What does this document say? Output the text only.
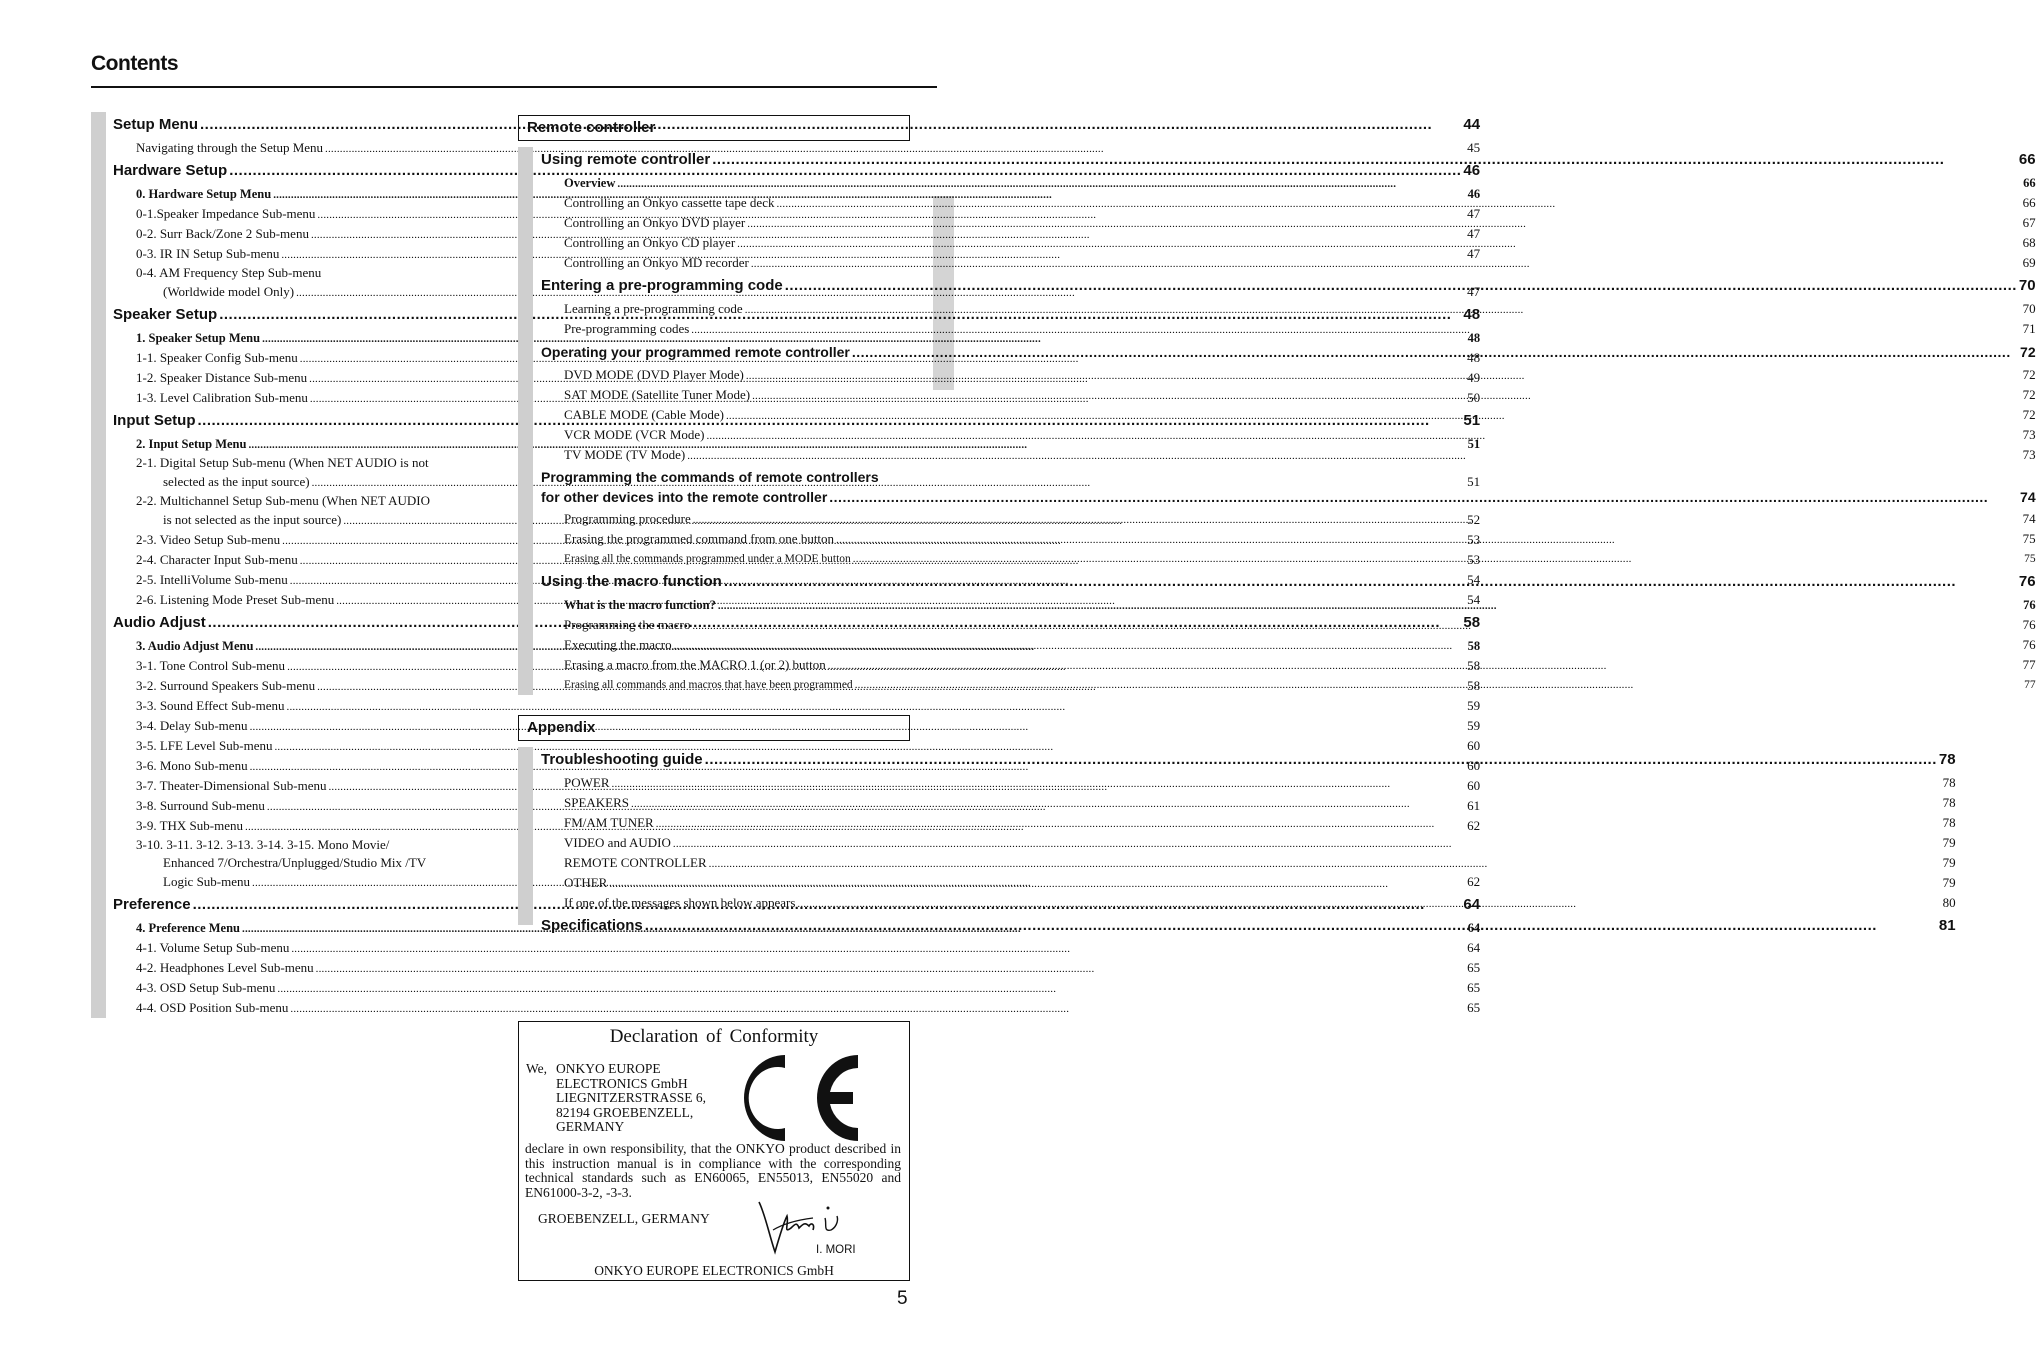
Contents
Setup Menu .....	44
Navigating through the Setup Menu .....	45
Hardware Setup .....	46
0. Hardware Setup Menu .....	46
0-1.Speaker Impedance Sub-menu .....	47
0-2. Surr Back/Zone 2 Sub-menu .....	47
0-3. IR IN Setup Sub-menu .....	47
0-4. AM Frequency Step Sub-menu
(Worldwide model Only) .....	47
Speaker Setup .....	48
1. Speaker Setup Menu .....	48
1-1. Speaker Config Sub-menu .....	48
1-2. Speaker Distance Sub-menu .....	49
1-3. Level Calibration Sub-menu .....	50
Input Setup .....	51
2. Input Setup Menu .....	51
2-1. Digital Setup Sub-menu (When NET AUDIO is not
selected as the input source) .....	51
2-2. Multichannel Setup Sub-menu (When NET AUDIO
is not selected as the input source) .....	52
2-3. Video Setup Sub-menu .....	53
2-4. Character Input Sub-menu .....	53
2-5. IntelliVolume Sub-menu .....	54
2-6. Listening Mode Preset Sub-menu .....	54
Audio Adjust .....	58
3. Audio Adjust Menu .....	58
3-1. Tone Control Sub-menu .....	58
3-2. Surround Speakers Sub-menu .....	58
3-3. Sound Effect Sub-menu .....	59
3-4. Delay Sub-menu .....	59
3-5. LFE Level Sub-menu .....	60
3-6. Mono Sub-menu .....	60
3-7. Theater-Dimensional Sub-menu .....	60
3-8. Surround Sub-menu .....	61
3-9. THX Sub-menu .....	62
3-10. 3-11. 3-12. 3-13. 3-14. 3-15. Mono Movie/
Enhanced 7/Orchestra/Unplugged/Studio Mix /TV
Logic Sub-menu .....	62
Preference .....	64
4. Preference Menu .....	64
4-1. Volume Setup Sub-menu .....	64
4-2. Headphones Level Sub-menu .....	65
4-3. OSD Setup Sub-menu .....	65
4-4. OSD Position Sub-menu .....	65
Remote controller
Using remote controller .....	66
Overview .....	66
Controlling an Onkyo cassette tape deck .....	66
Controlling an Onkyo DVD player .....	67
Controlling an Onkyo CD player .....	68
Controlling an Onkyo MD recorder .....	69
Entering a pre-programming code .....	70
Learning a pre-programming code .....	70
Pre-programming codes .....	71
Operating your programmed remote controller .....	72
DVD MODE (DVD Player Mode) .....	72
SAT MODE (Satellite Tuner Mode) .....	72
CABLE MODE (Cable Mode) .....	72
VCR MODE (VCR Mode) .....	73
TV MODE (TV Mode) .....	73
Programming the commands of remote controllers
for other devices into the remote controller .....	74
Programming procedure .....	74
Erasing the programmed command from one button .....	75
Erasing all the commands programmed under a MODE button .....	75
Using the macro function .....	76
What is the macro function? .....	76
Programming the macro .....	76
Executing the macro .....	76
Erasing a macro from the MACRO 1 (or 2) button .....	77
Erasing all commands and macros that have been programmed .....	77
Appendix
Troubleshooting guide .....	78
POWER .....	78
SPEAKERS .....	78
FM/AM TUNER .....	78
VIDEO and AUDIO .....	79
REMOTE CONTROLLER .....	79
OTHER .....	79
If one of the messages shown below appears .....	80
Specifications .....	81
Declaration of Conformity
We, ONKYO EUROPE
ELECTRONICS GmbH
LIEGNITZERSTRASSE 6,
82194 GROEBENZELL,
GERMANY
declare in own responsibility, that the ONKYO product described in this instruction manual is in compliance with the corresponding technical standards such as EN60065, EN55013, EN55020 and EN61000-3-2, -3-3.
GROEBENZELL, GERMANY
I. MORI
ONKYO EUROPE ELECTRONICS GmbH
5
